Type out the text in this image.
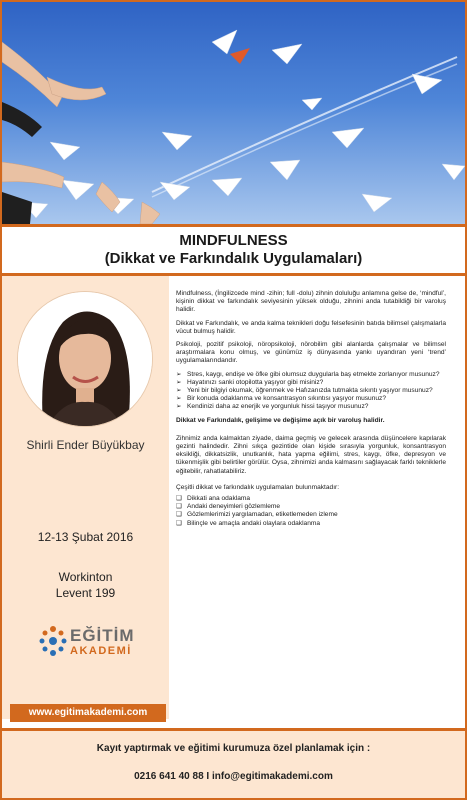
MINDFULNESS
(Dikkat ve Farkındalık Uygulamaları)
Shirli Ender Büyükbay
12-13 Şubat 2016
Workinton
Levent 199
EĞİTİM
AKADEMİ
www.egitimakademi.com

Mindfulness, (İngilizcede mind -zihin; full -dolu) zihnin doluluğu anlamına gelse de, ‘mindful’, kişinin dikkat ve farkındalık seviyesinin yüksek olduğu, zihnini anda tutabildiği bir varoluş halidir.

Dikkat ve Farkındalık, ve anda kalma teknikleri doğu felsefesinin batıda bilimsel çalışmalarla vücut bulmuş halidir.

Psikoloji, pozitif psikoloji, nöropsikoloji, nörobilim gibi alanlarda çalışmalar ve bilimsel araştırmalara konu olmuş, ve günümüz iş dünyasında yankı uyandıran yeni ‘trend’ uygulamalarındandır.

➢ Stres, kaygı, endişe ve öfke gibi olumsuz duygularla baş etmekte zorlanıyor musunuz?
➢ Hayatınızı sanki otopilotta yaşıyor gibi misiniz?
➢ Yeni bir bilgiyi okumak, öğrenmek ve Hafızanızda tutmakta sıkıntı yaşıyor musunuz?
➢ Bir konuda odaklanma ve konsantrasyon sıkıntısı yaşıyor musunuz?
➢ Kendinizi daha az enerjik ve yorgunluk hissi taşıyor musunuz?

Dikkat ve Farkındalık, gelişime ve değişime açık bir varoluş halidir.

Zihnimiz anda kalmaktan ziyade, daima geçmiş ve gelecek arasında düşüncelere kapılarak gezinti halindedir. Zihni sıkça gezintide olan kişide sırasıyla yorgunluk, konsantrasyon eksikliği, dikkatsizlik, unutkanlık, hata yapma eğilimi, stres, kaygı, öfke, depresyon ve tükenmişlik gibi belirtiler görülür. Oysa, zihnimizi anda kalmasını sağlayacak farklı tekniklerle eğitebilir, rahatlatabiliriz.

Çeşitli dikkat ve farkındalık uygulamaları bulunmaktadır:

❑ Dikkati ana odaklama
❑ Andaki deneyimleri gözlemleme
❑ Gözlemlerimizi yargılamadan, etiketlemeden izleme
❑ Bilinçle ve amaçla andaki olaylara odaklanma
Kayıt yaptırmak ve eğitimi kurumuza özel planlamak için :
0216 641 40 88 I info@egitimakademi.com
